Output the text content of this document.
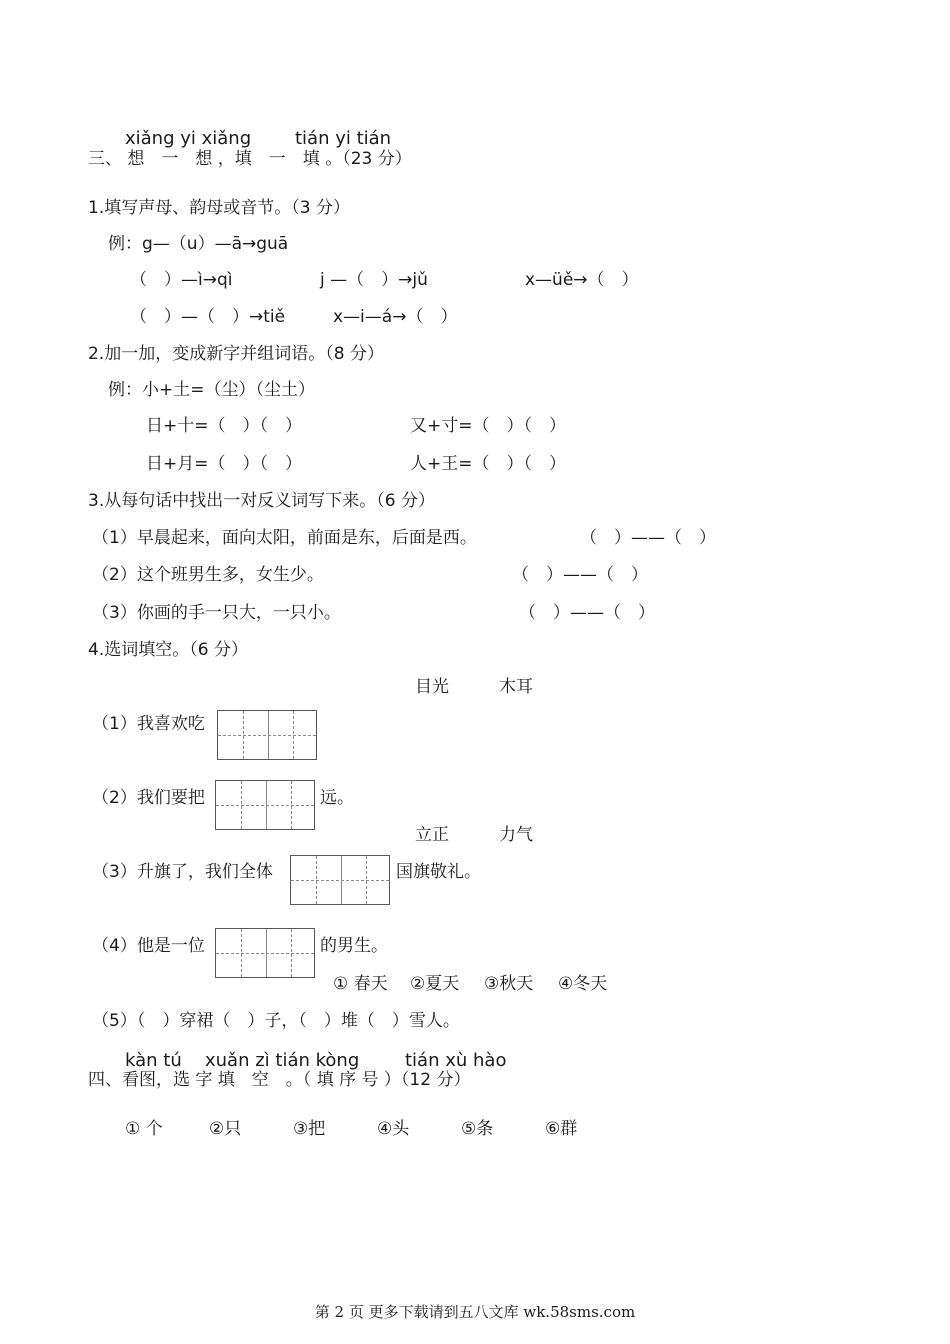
xiǎng yi xiǎng tián yi tián
三、 想　一　想 ，填　一　填 。（23 分）
1.填写声母、韵母或音节。（3 分）
例：g—（u）—ā→guā
（　）—ì→qì	j —（　）→jǔ	x—üě→（　）
（　）—（　）→tiě	x—i—á→（　）
2.加一加，变成新字并组词语。（8 分）
例：小+土=（尘）（尘土）
日+十=（　）（　）	又+寸=（　）（　）
日+月=（　）（　）	人+王=（　）（　）
3.从每句话中找出一对反义词写下来。（6 分）
（1）早晨起来，面向太阳，前面是东，后面是西。	（　）——（　）
（2）这个班男生多，女生少。	（　）——（　）
（3）你画的手一只大，一只小。	（　）——（　）
4.选词填空。（6 分）
目光	木耳
（1）我喜欢吃
（2）我们要把	远。
立正	力气
（3）升旗了，我们全体	国旗敬礼。
（4）他是一位	的男生。
① 春天 ②夏天 ③秋天 ④冬天
（5）（　）穿裙（　）子，（　）堆（　）雪人。
kàn tú xuǎn zì tián kòng	tián xù hào
四、看图，选 字 填　空　。（ 填 序 号 ）（12 分）
① 个	②只	③把	④头	⑤条	⑥群
第 2 页 更多下载请到五八文库 wk.58sms.com
